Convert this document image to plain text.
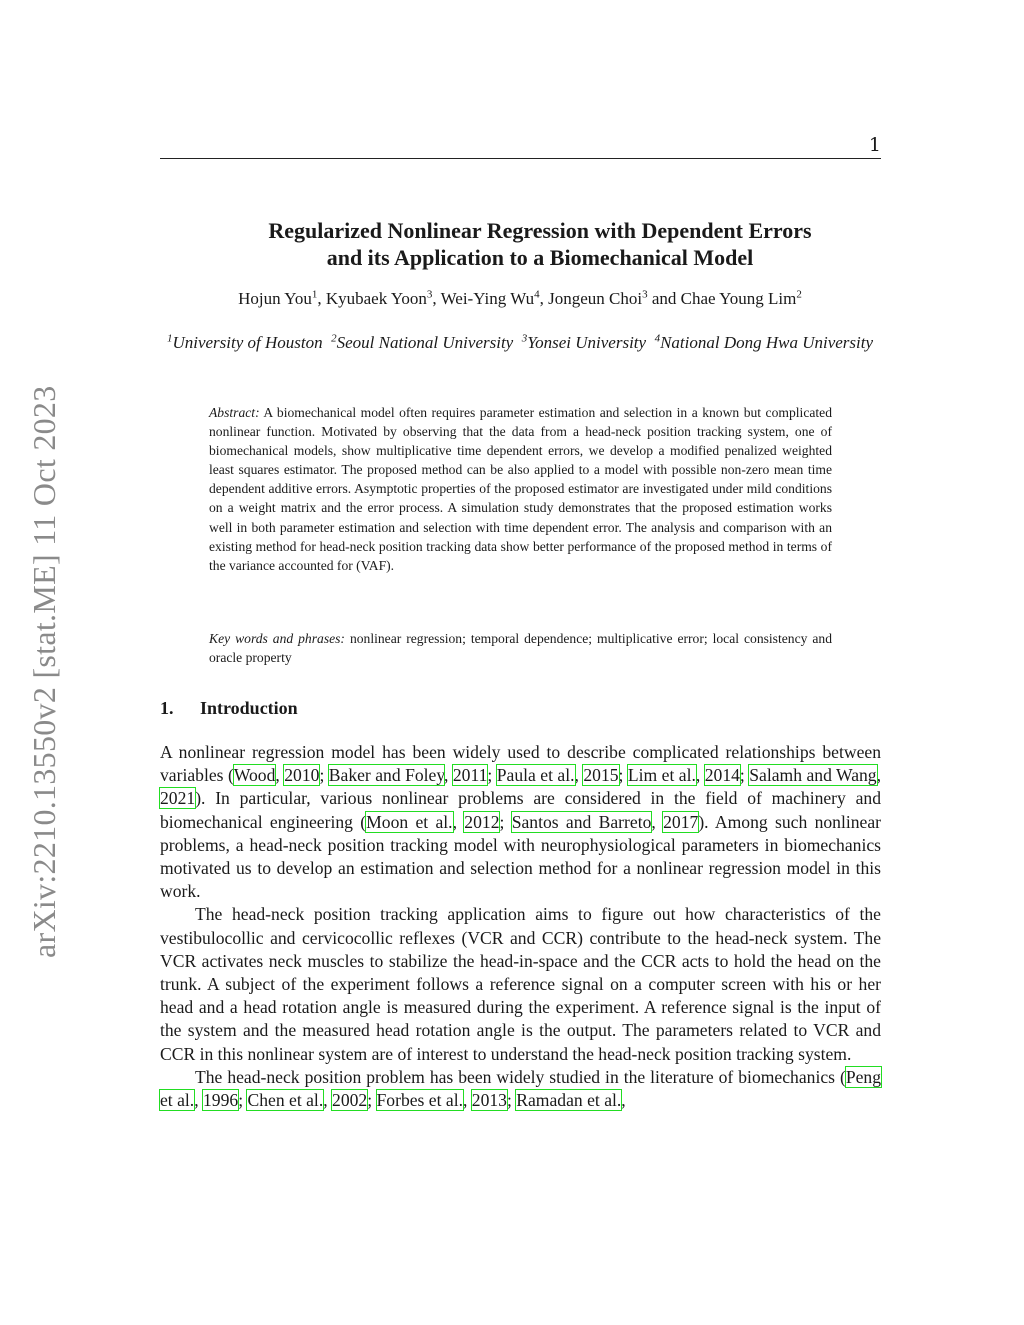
1
arXiv:2210.13550v2 [stat.ME] 11 Oct 2023
Regularized Nonlinear Regression with Dependent Errors
and its Application to a Biomechanical Model
Hojun You$^1$, Kyubaek Yoon$^3$, Wei-Ying Wu$^4$, Jongeun Choi$^3$ and Chae Young Lim$^2$
$^1$University of Houston $^2$Seoul National University $^3$Yonsei University $^4$National Dong Hwa University
Abstract: A biomechanical model often requires parameter estimation and selection in a known but complicated nonlinear function. Motivated by observing that the data from a head-neck position tracking system, one of biomechanical models, show multiplicative time dependent errors, we develop a modified penalized weighted least squares estimator. The proposed method can be also applied to a model with possible non-zero mean time dependent additive errors. Asymptotic properties of the proposed estimator are investigated under mild conditions on a weight matrix and the error process. A simulation study demonstrates that the proposed estimation works well in both parameter estimation and selection with time dependent error. The analysis and comparison with an existing method for head-neck position tracking data show better performance of the proposed method in terms of the variance accounted for (VAF).
Key words and phrases: nonlinear regression; temporal dependence; multiplicative error; local consistency and oracle property
1. Introduction

A nonlinear regression model has been widely used to describe complicated relationships between variables (Wood, 2010; Baker and Foley, 2011; Paula et al., 2015; Lim et al., 2014; Salamh and Wang, 2021). In particular, various nonlinear problems are considered in the field of machinery and biomechanical engineering (Moon et al., 2012; Santos and Barreto, 2017). Among such nonlinear problems, a head-neck position tracking model with neurophysiological parameters in biomechanics motivated us to develop an estimation and selection method for a nonlinear regression model in this work.

The head-neck position tracking application aims to figure out how characteristics of the vestibulocollic and cervicocollic reflexes (VCR and CCR) contribute to the head-neck system. The VCR activates neck muscles to stabilize the head-in-space and the CCR acts to hold the head on the trunk. A subject of the experiment follows a reference signal on a computer screen with his or her head and a head rotation angle is measured during the experiment. A reference signal is the input of the system and the measured head rotation angle is the output. The parameters related to VCR and CCR in this nonlinear system are of interest to understand the head-neck position tracking system.

The head-neck position problem has been widely studied in the literature of biomechanics (Peng et al., 1996; Chen et al., 2002; Forbes et al., 2013; Ramadan et al.,
